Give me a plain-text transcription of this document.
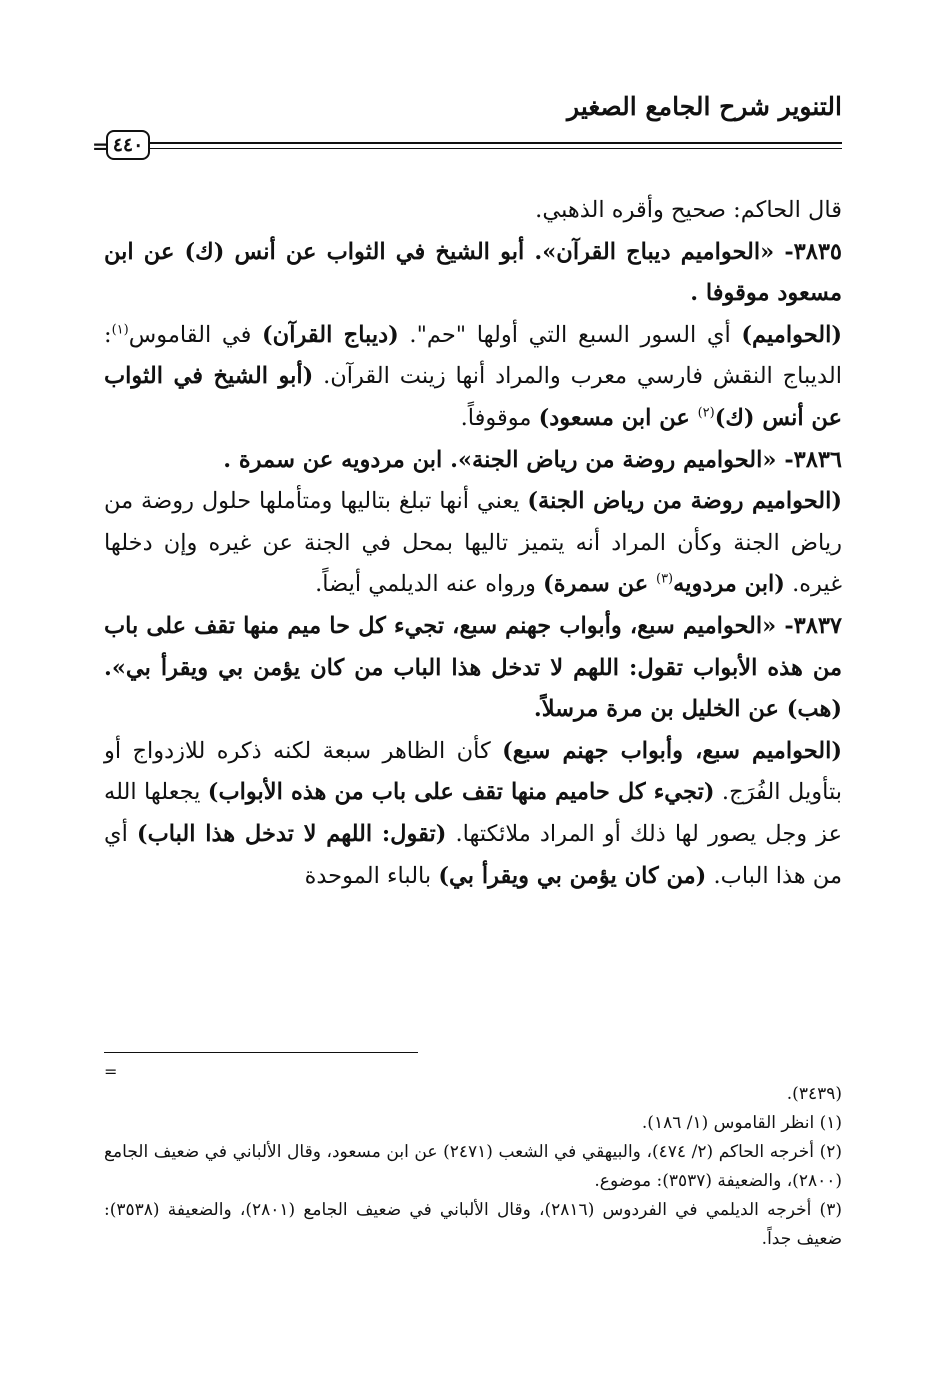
التنوير شرح الجامع الصغير
٤٤٠
=

قال الحاكم: صحيح وأقره الذهبي.

٣٨٣٥- «الحواميم ديباج القرآن». أبو الشيخ في الثواب عن أنس (ك) عن ابن مسعود موقوفا .

(الحواميم) أي السور السبع التي أولها "حم". (ديباج القرآن) في القاموس$^{(١)}$: الديباج النقش فارسي معرب والمراد أنها زينت القرآن. (أبو الشيخ في الثواب عن أنس (ك)$^{(٢)}$ عن ابن مسعود) موقوفاً.

٣٨٣٦- «الحواميم روضة من رياض الجنة». ابن مردويه عن سمرة .

(الحواميم روضة من رياض الجنة) يعني أنها تبلغ بتاليها ومتأملها حلول روضة من رياض الجنة وكأن المراد أنه يتميز تاليها بمحل في الجنة عن غيره وإن دخلها غيره. (ابن مردويه$^{(٣)}$ عن سمرة) ورواه عنه الديلمي أيضاً.

٣٨٣٧- «الحواميم سبع، وأبواب جهنم سبع، تجيء كل حا ميم منها تقف على باب من هذه الأبواب تقول: اللهم لا تدخل هذا الباب من كان يؤمن بي ويقرأ بي». (هب) عن الخليل بن مرة مرسلاً.

(الحواميم سبع، وأبواب جهنم سبع) كأن الظاهر سبعة لكنه ذكره للازدواج أو بتأويل الفُرَج. (تجيء كل حاميم منها تقف على باب من هذه الأبواب) يجعلها الله عز وجل يصور لها ذلك أو المراد ملائكتها. (تقول: اللهم لا تدخل هذا الباب) أي من هذا الباب. (من كان يؤمن بي ويقرأ بي) بالباء الموحدة

=

(٣٤٣٩).

(١) انظر القاموس (١/ ١٨٦).

(٢) أخرجه الحاكم (٢/ ٤٧٤)، والبيهقي في الشعب (٢٤٧١) عن ابن مسعود، وقال الألباني في ضعيف الجامع (٢٨٠٠)، والضعيفة (٣٥٣٧): موضوع.

(٣) أخرجه الديلمي في الفردوس (٢٨١٦)، وقال الألباني في ضعيف الجامع (٢٨٠١)، والضعيفة (٣٥٣٨): ضعيف جداً.
